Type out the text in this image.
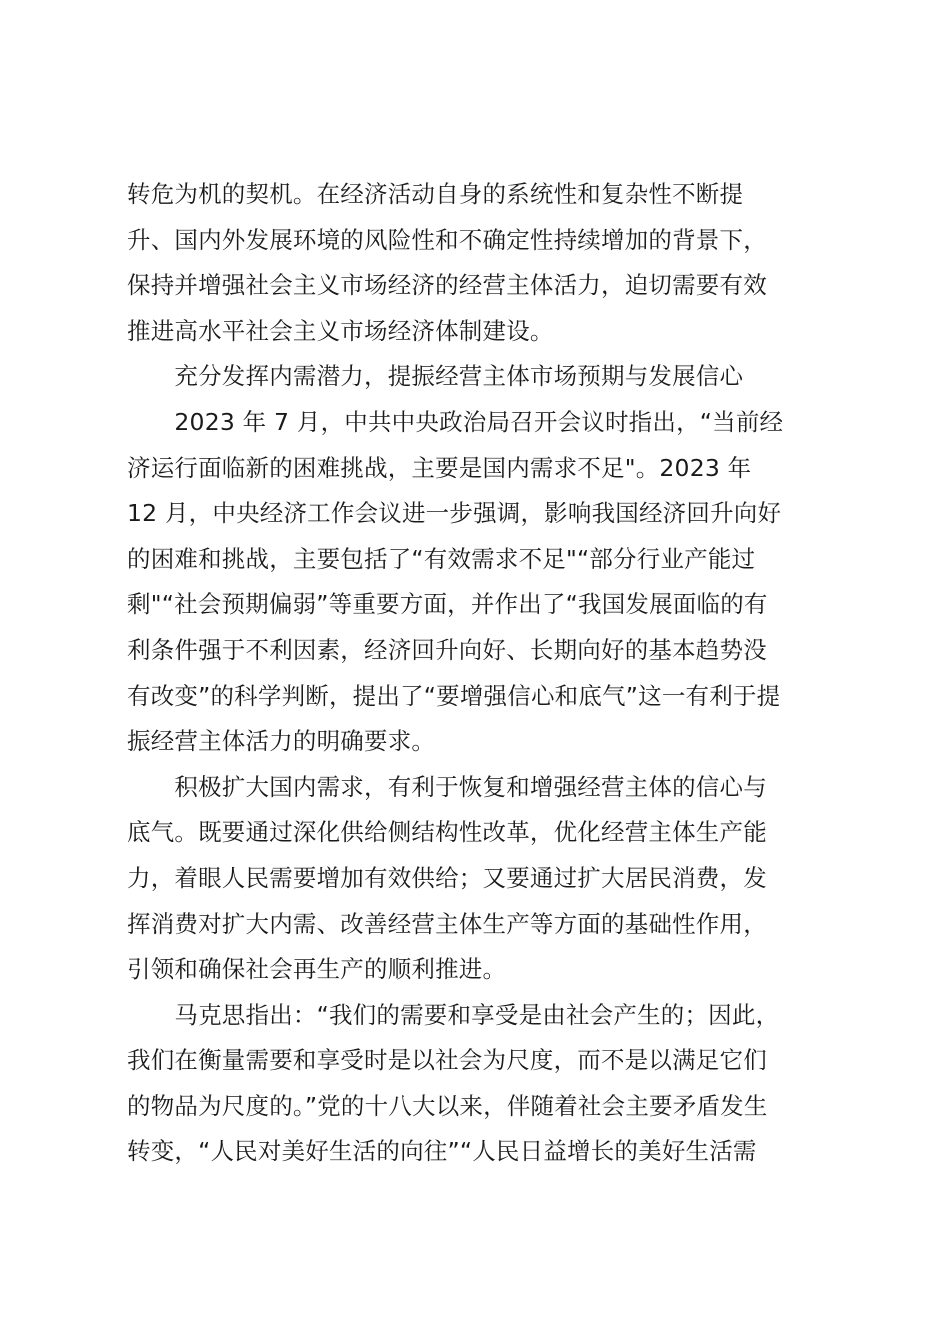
转危为机的契机。在经济活动自身的系统性和复杂性不断提
升、国内外发展环境的风险性和不确定性持续增加的背景下，
保持并增强社会主义市场经济的经营主体活力，迫切需要有效
推进高水平社会主义市场经济体制建设。
　　充分发挥内需潜力，提振经营主体市场预期与发展信心
　　2023 年 7 月，中共中央政治局召开会议时指出，“当前经
济运行面临新的困难挑战，主要是国内需求不足"。2023 年
12 月，中央经济工作会议进一步强调，影响我国经济回升向好
的困难和挑战，主要包括了“有效需求不足"“部分行业产能过
剩"“社会预期偏弱”等重要方面，并作出了“我国发展面临的有
利条件强于不利因素，经济回升向好、长期向好的基本趋势没
有改变”的科学判断，提出了“要增强信心和底气”这一有利于提
振经营主体活力的明确要求。
　　积极扩大国内需求，有利于恢复和增强经营主体的信心与
底气。既要通过深化供给侧结构性改革，优化经营主体生产能
力，着眼人民需要增加有效供给；又要通过扩大居民消费，发
挥消费对扩大内需、改善经营主体生产等方面的基础性作用，
引领和确保社会再生产的顺利推进。
　　马克思指出：“我们的需要和享受是由社会产生的；因此，
我们在衡量需要和享受时是以社会为尺度，而不是以满足它们
的物品为尺度的。”党的十八大以来，伴随着社会主要矛盾发生
转变，“人民对美好生活的向往”“人民日益增长的美好生活需
